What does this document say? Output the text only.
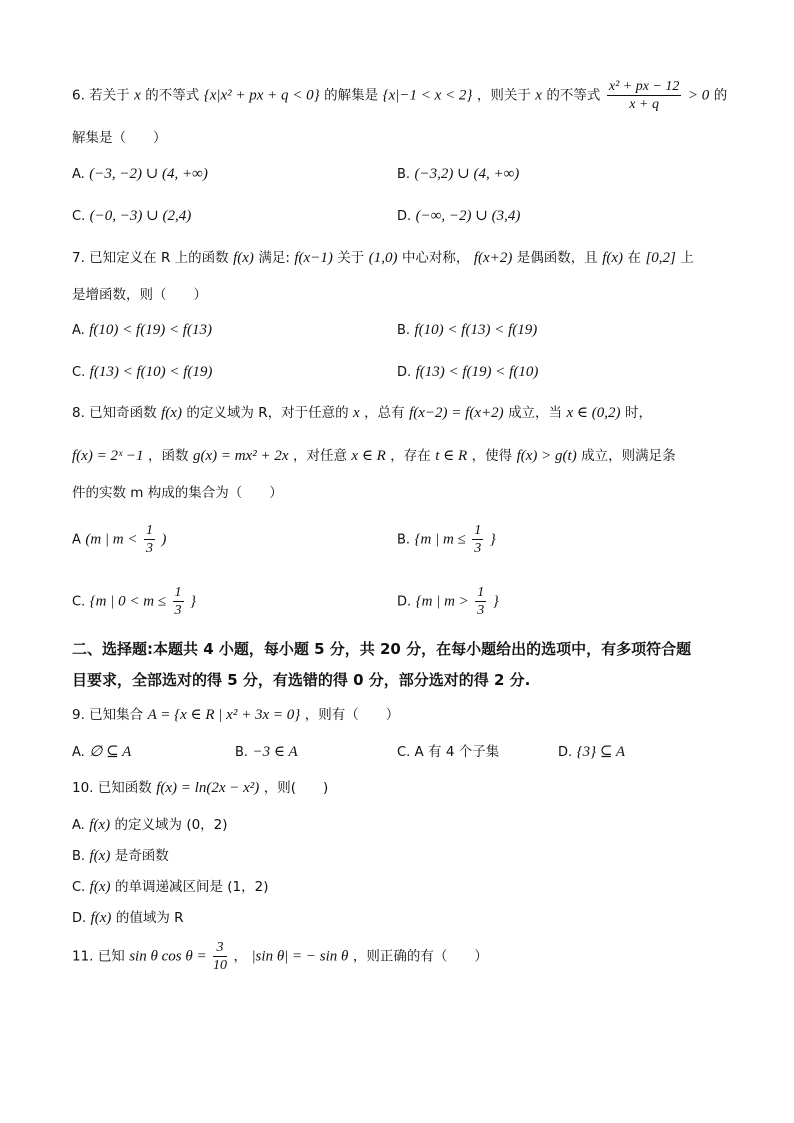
6. 若关于 x 的不等式 {x|x² + px + q < 0} 的解集是 {x|−1 < x < 2} ，则关于 x 的不等式 $\frac{\text{x² + px − 12}}{x + q} > 0$ 的
解集是（　　）
A. (−3, −2) ∪ (4, +∞)	B. (−3,2) ∪ (4, +∞)
C. (−0, −3) ∪ (2,4)	D. (−∞, −2) ∪ (3,4)
7. 已知定义在 R 上的函数 f(x) 满足: f(x−1) 关于 (1,0) 中心对称， f(x+2) 是偶函数，且 f(x) 在 [0,2] 上
是增函数，则（　　）
A. f(10) < f(19) < f(13)	B. f(10) < f(13) < f(19)
C. f(13) < f(10) < f(19)	D. f(13) < f(19) < f(10)
8. 已知奇函数 f(x) 的定义域为 R，对于任意的 x ，总有 f(x−2) = f(x+2) 成立，当 x ∈ (0,2) 时，
f(x) = 2ˣ −1 ，函数 g(x) = mx² + 2x ，对任意 x ∈ R ，存在 t ∈ R ，使得 f(x) > g(t) 成立，则满足条
件的实数 m 构成的集合为（　　）
A (m | $m < \frac{1}{3}$ )	B. {m | $m \le \frac{1}{3}$ }
C. {m | $0 < m \le \frac{1}{3}$ }	D. {m | $m > \frac{1}{3}$ }
二、选择题:本题共 4 小题，每小题 5 分，共 20 分，在每小题给出的选项中，有多项符合题
目要求，全部选对的得 5 分，有选错的得 0 分，部分选对的得 2 分.
9. 已知集合 A = {x ∈ R | x² + 3x = 0} ，则有（　　）
A. ∅ ⊆ A	B. −3 ∈ A	C. A 有 4 个子集	D. {3} ⊆ A
10. 已知函数 f(x) = ln(2x − x²) ，则(　　)
A. f(x) 的定义域为 (0，2)
B. f(x) 是奇函数
C. f(x) 的单调递减区间是 (1，2)
D. f(x) 的值域为 R
11. 已知 sin θ $\cos \theta = \frac{3}{10}$ ， |sin θ| = − sin θ ，则正确的有（　　）
